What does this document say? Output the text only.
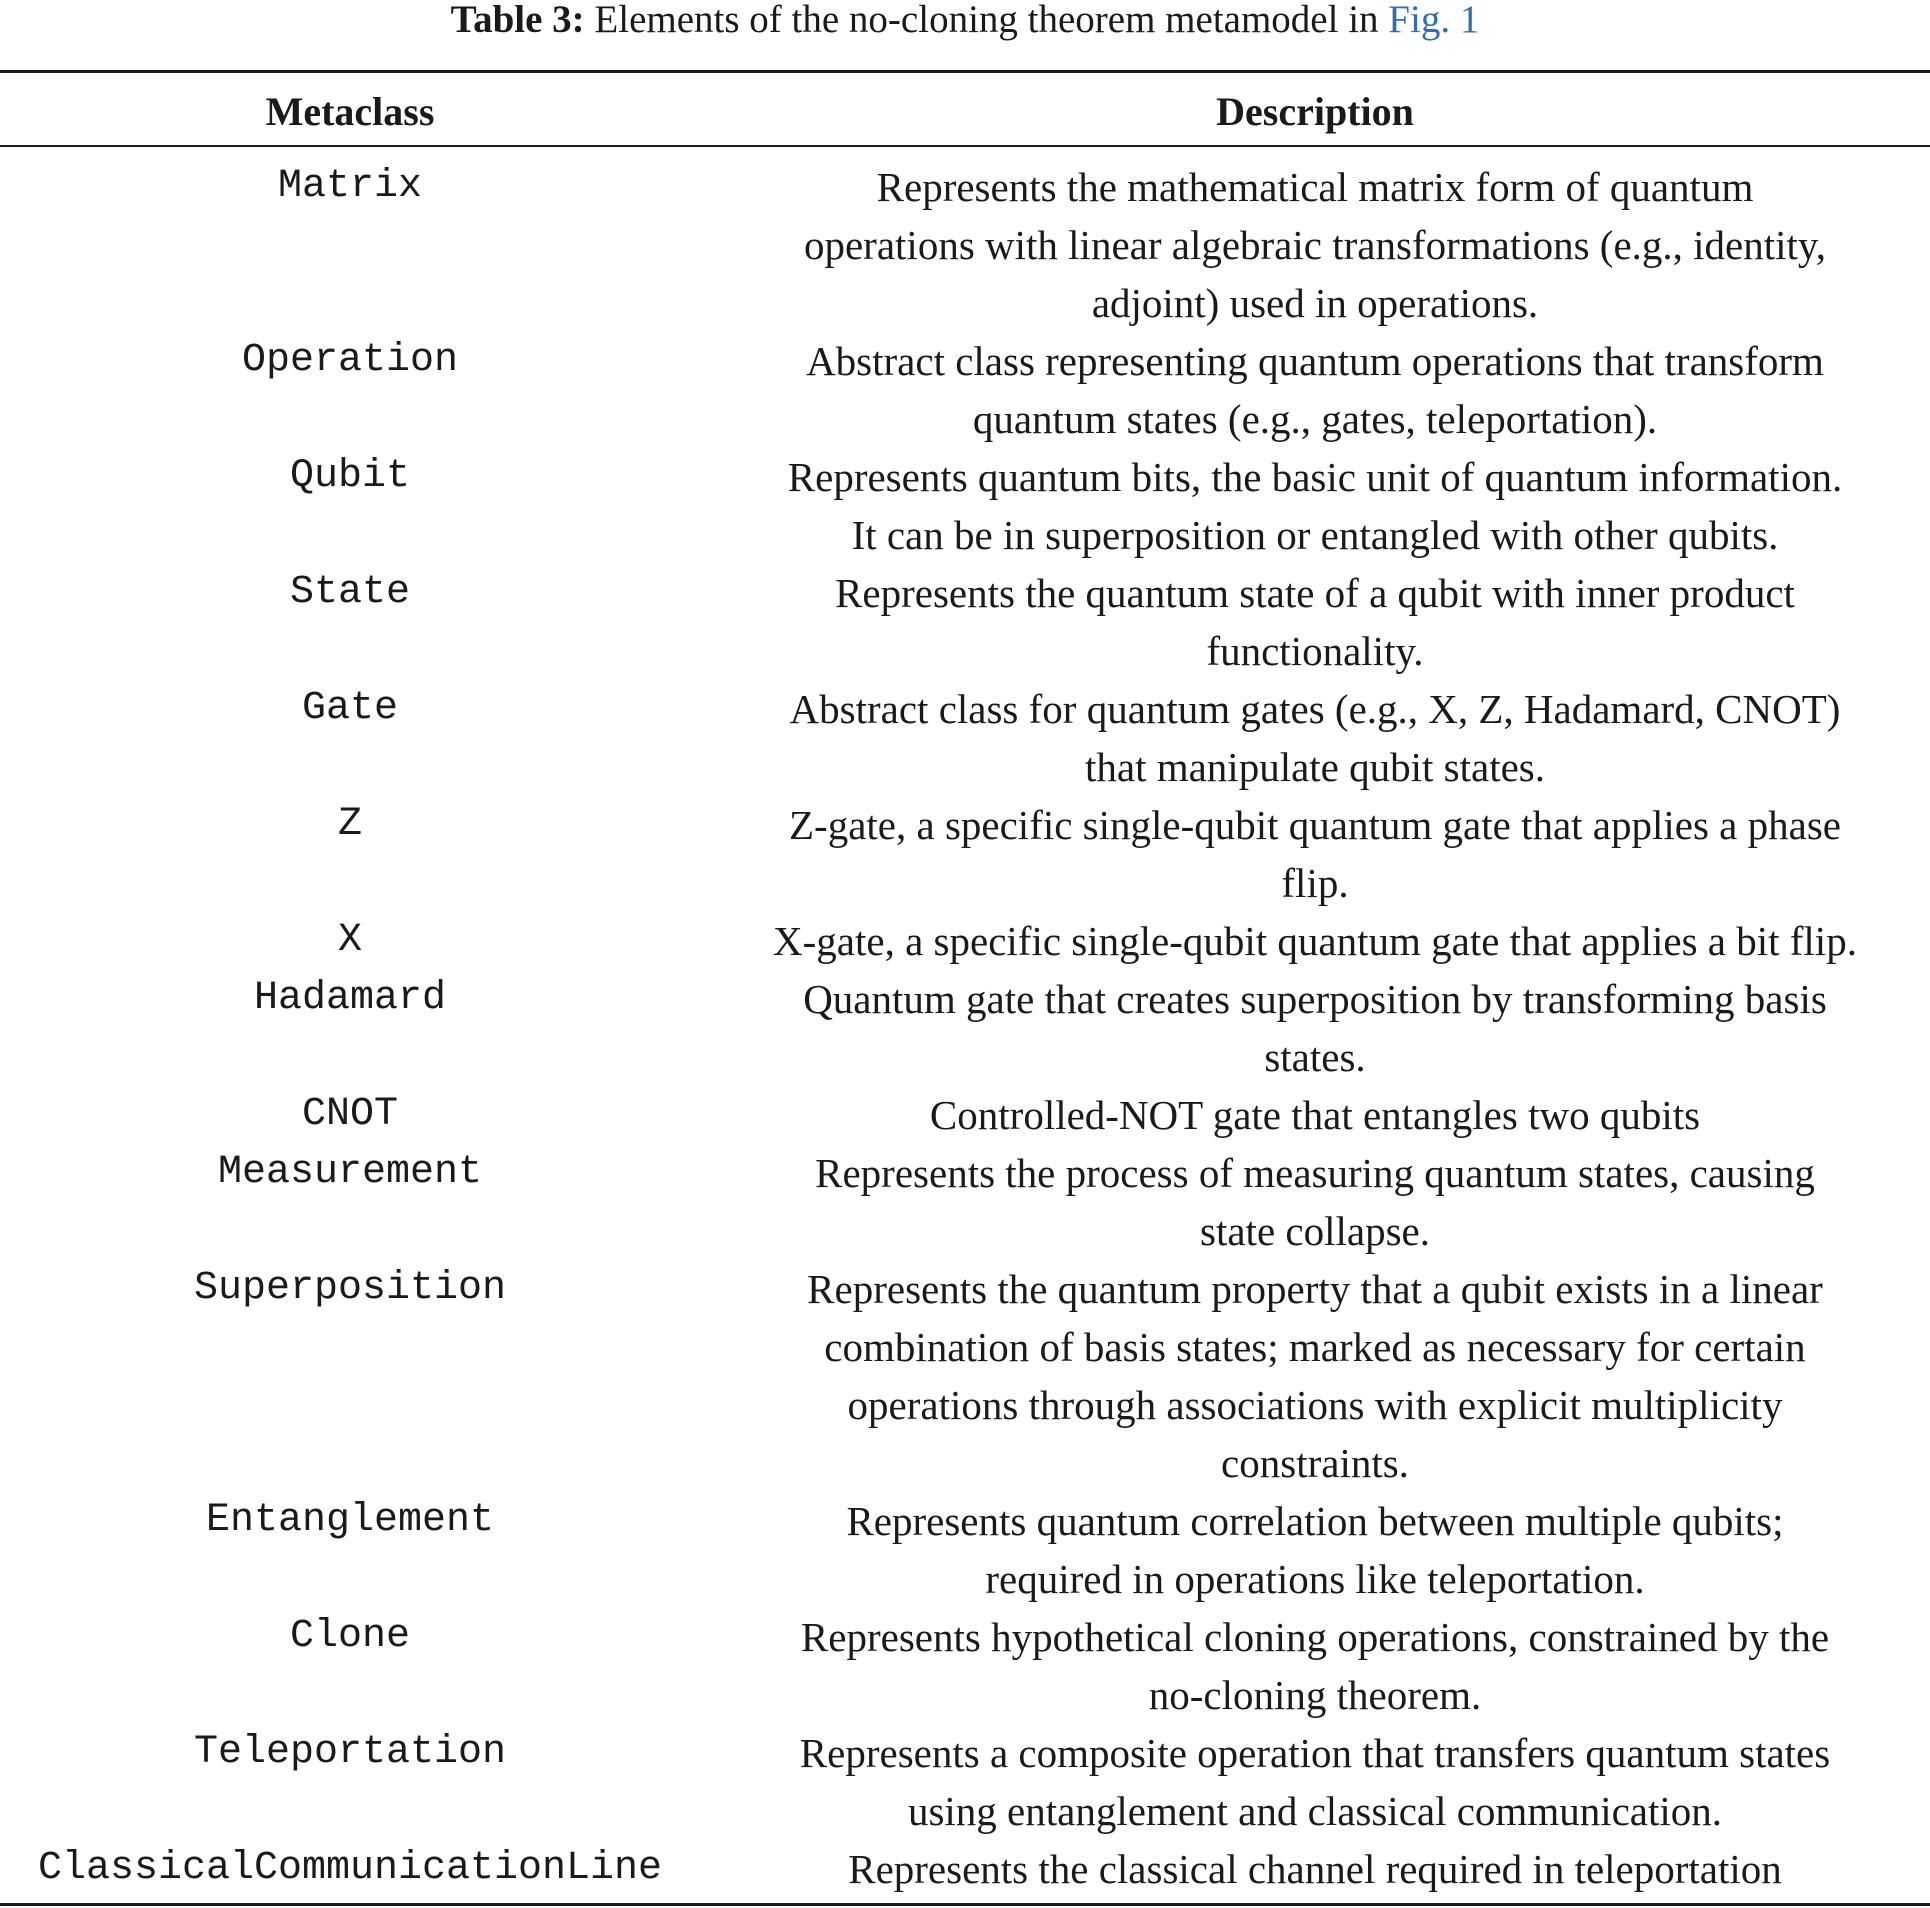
Table 3: Elements of the no-cloning theorem metamodel in Fig. 1
Metaclass	Description
Matrix	Represents the mathematical matrix form of quantum
operations with linear algebraic transformations (e.g., identity,
adjoint) used in operations.

Operation	Abstract class representing quantum operations that transform
quantum states (e.g., gates, teleportation).

Qubit	Represents quantum bits, the basic unit of quantum information.
It can be in superposition or entangled with other qubits.

State	Represents the quantum state of a qubit with inner product
functionality.

Gate	Abstract class for quantum gates (e.g., X, Z, Hadamard, CNOT)
that manipulate qubit states.

Z	Z-gate, a specific single-qubit quantum gate that applies a phase
flip.

X	X-gate, a specific single-qubit quantum gate that applies a bit flip.

Hadamard	Quantum gate that creates superposition by transforming basis
states.

CNOT	Controlled-NOT gate that entangles two qubits

Measurement	Represents the process of measuring quantum states, causing
state collapse.

Superposition	Represents the quantum property that a qubit exists in a linear
combination of basis states; marked as necessary for certain
operations through associations with explicit multiplicity
constraints.

Entanglement	Represents quantum correlation between multiple qubits;
required in operations like teleportation.

Clone	Represents hypothetical cloning operations, constrained by the
no-cloning theorem.

Teleportation	Represents a composite operation that transfers quantum states
using entanglement and classical communication.

ClassicalCommunicationLine	Represents the classical channel required in teleportation
